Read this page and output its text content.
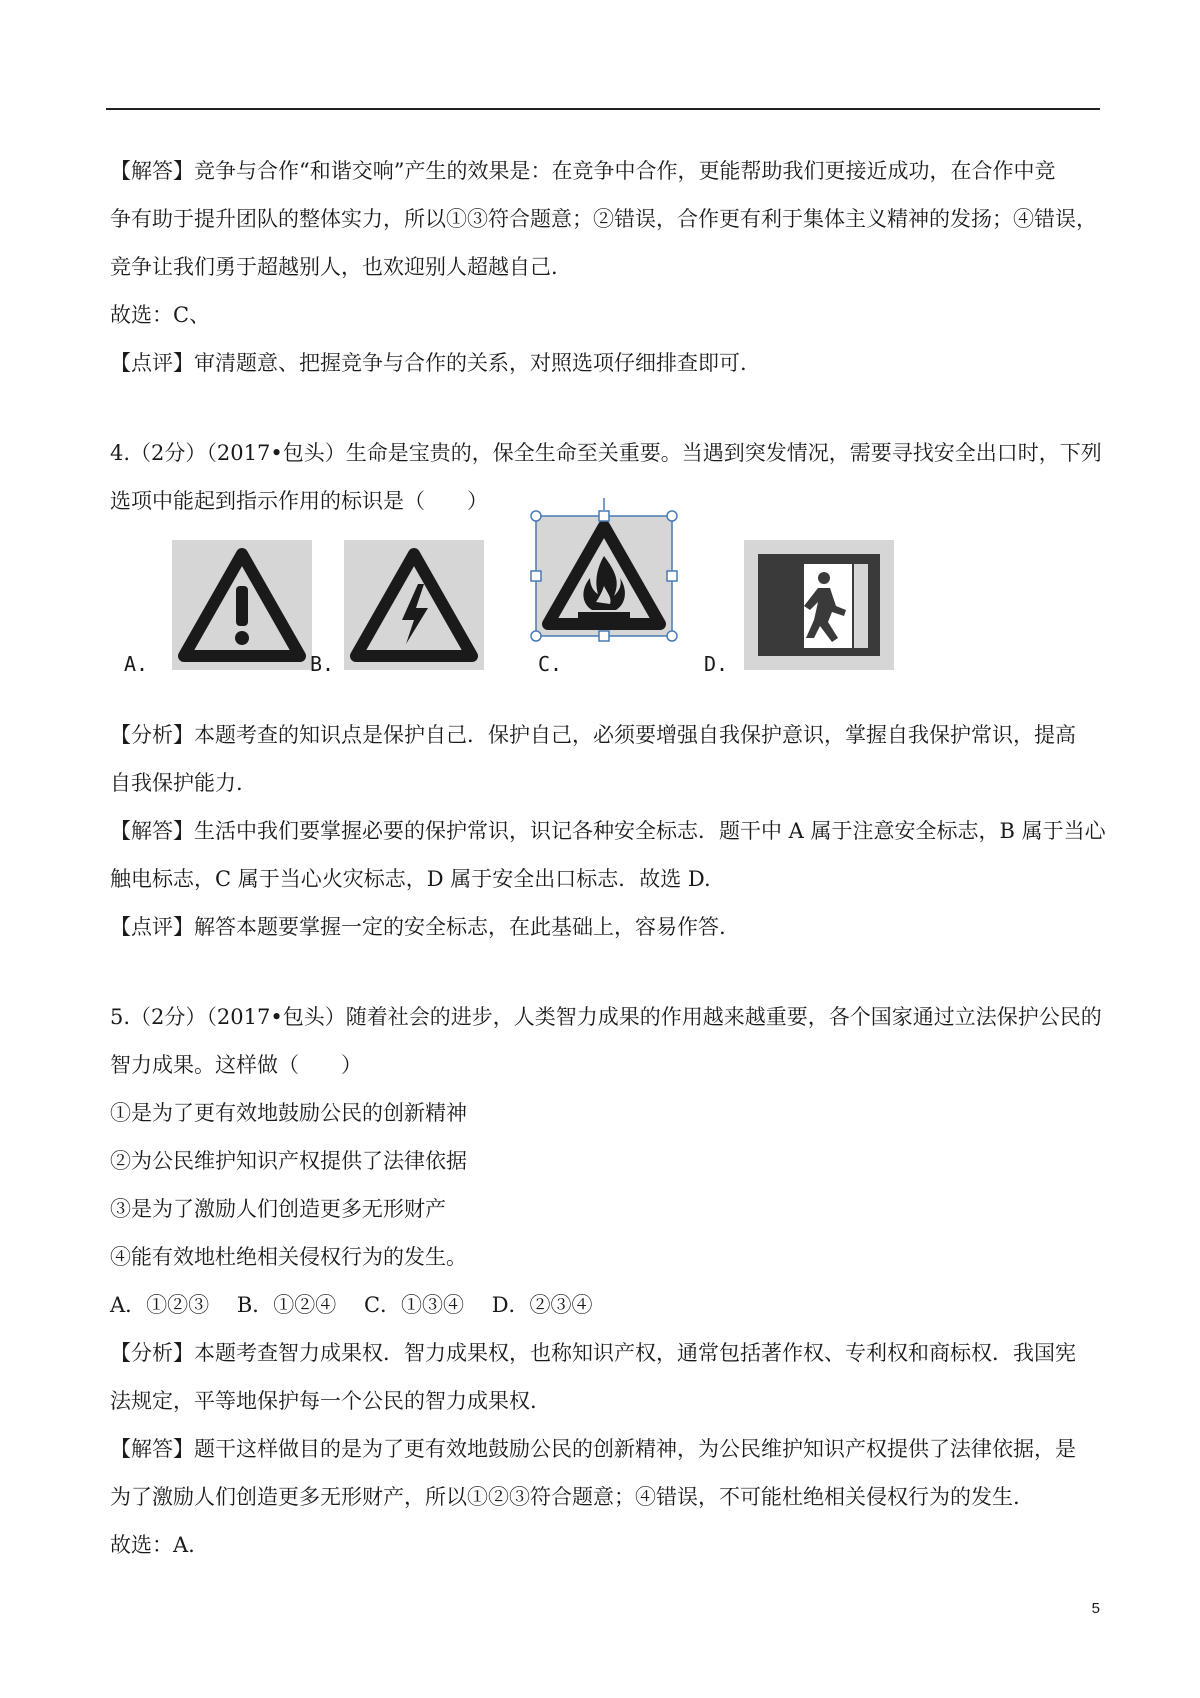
【解答】竞争与合作“和谐交响”产生的效果是：在竞争中合作，更能帮助我们更接近成功，在合作中竞
争有助于提升团队的整体实力，所以①③符合题意；②错误，合作更有利于集体主义精神的发扬；④错误，
竞争让我们勇于超越别人，也欢迎别人超越自己.
故选：C、
【点评】审清题意、把握竞争与合作的关系，对照选项仔细排查即可.
4.（2分）（2017•包头）生命是宝贵的，保全生命至关重要。当遇到突发情况，需要寻找安全出口时，下列
选项中能起到指示作用的标识是（　　）
A.	B.	C.	D.
【分析】本题考查的知识点是保护自己．保护自己，必须要增强自我保护意识，掌握自我保护常识，提高
自我保护能力.
【解答】生活中我们要掌握必要的保护常识，识记各种安全标志．题干中 A 属于注意安全标志，B 属于当心
触电标志，C 属于当心火灾标志，D 属于安全出口标志．故选 D.
【点评】解答本题要掌握一定的安全标志，在此基础上，容易作答.
5.（2分）（2017•包头）随着社会的进步，人类智力成果的作用越来越重要，各个国家通过立法保护公民的
智力成果。这样做（　　）
①是为了更有效地鼓励公民的创新精神
②为公民维护知识产权提供了法律依据
③是为了激励人们创造更多无形财产
④能有效地杜绝相关侵权行为的发生。
A．①②③　 B．①②④　 C．①③④　 D．②③④
【分析】本题考查智力成果权．智力成果权，也称知识产权，通常包括著作权、专利权和商标权．我国宪
法规定，平等地保护每一个公民的智力成果权.
【解答】题干这样做目的是为了更有效地鼓励公民的创新精神，为公民维护知识产权提供了法律依据，是
为了激励人们创造更多无形财产，所以①②③符合题意；④错误，不可能杜绝相关侵权行为的发生.
故选：A.
5
